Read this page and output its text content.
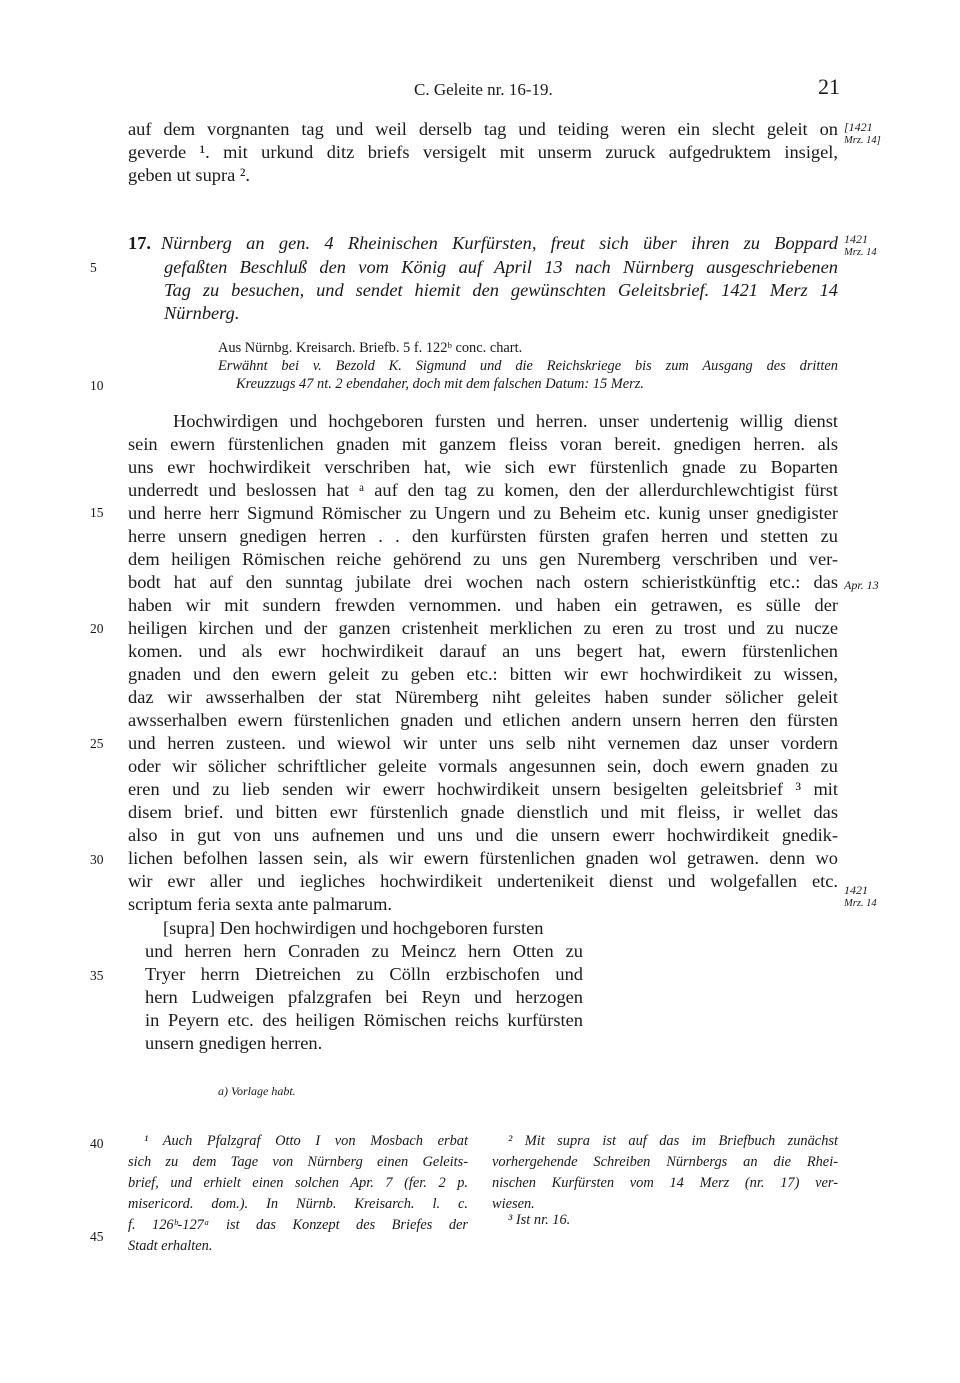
C. Geleite nr. 16-19.	21
auf dem vorgnanten tag und weil derselb tag und teiding weren ein slecht geleit on
geverde ¹. mit urkund ditz briefs versigelt mit unserm zuruck aufgedruktem insigel,
geben ut supra ².
[1421
Mrz. 14]
17. Nürnberg an gen. 4 Rheinischen Kurfürsten, freut sich über ihren zu Boppard
gefaßten Beschluß den vom König auf April 13 nach Nürnberg ausgeschriebenen
Tag zu besuchen, und sendet hiemit den gewünschten Geleitsbrief. 1421 Merz 14
Nürnberg.
1421
Mrz. 14
Aus Nürnbg. Kreisarch. Briefb. 5 f. 122ᵇ conc. chart.
Erwähnt bei v. Bezold K. Sigmund und die Reichskriege bis zum Ausgang des dritten
Kreuzzugs 47 nt. 2 ebendaher, doch mit dem falschen Datum: 15 Merz.
5
10
15
20
25
30
35
40
45
Hochwirdigen und hochgeboren fursten und herren. unser undertenig willig dienst
sein ewern fürstenlichen gnaden mit ganzem fleiss voran bereit. gnedigen herren. als
uns ewr hochwirdikeit verschriben hat, wie sich ewr fürstenlich gnade zu Boparten
underredt und beslossen hat ᵃ auf den tag zu komen, den der allerdurchlewchtigist fürst
und herre herr Sigmund Römischer zu Ungern und zu Beheim etc. kunig unser gnedigister
herre unsern gnedigen herren . . den kurfürsten fürsten grafen herren und stetten zu
dem heiligen Römischen reiche gehörend zu uns gen Nuremberg verschriben und ver-
bodt hat auf den sunntag jubilate drei wochen nach ostern schieristkünftig etc.: das
haben wir mit sundern frewden vernommen. und haben ein getrawen, es sülle der
heiligen kirchen und der ganzen cristenheit merklichen zu eren zu trost und zu nucze
komen. und als ewr hochwirdikeit darauf an uns begert hat, ewern fürstenlichen
gnaden und den ewern geleit zu geben etc.: bitten wir ewr hochwirdikeit zu wissen,
daz wir awsserhalben der stat Nüremberg niht geleites haben sunder sölicher geleit
awsserhalben ewern fürstenlichen gnaden und etlichen andern unsern herren den fürsten
und herren zusteen. und wiewol wir unter uns selb niht vernemen daz unser vordern
oder wir sölicher schriftlicher geleite vormals angesunnen sein, doch ewern gnaden zu
eren und zu lieb senden wir ewerr hochwirdikeit unsern besigelten geleitsbrief ³ mit
disem brief. und bitten ewr fürstenlich gnade dienstlich und mit fleiss, ir wellet das
also in gut von uns aufnemen und uns und die unsern ewerr hochwirdikeit gnedik-
lichen befolhen lassen sein, als wir ewern fürstenlichen gnaden wol getrawen. denn wo
wir ewr aller und iegliches hochwirdikeit undertenikeit dienst und wolgefallen etc.
scriptum feria sexta ante palmarum.
Apr. 13
1421
Mrz. 14
[supra] Den hochwirdigen und hochgeboren fursten
und herren hern Conraden zu Meincz hern Otten zu
Tryer herrn Dietreichen zu Cölln erzbischofen und
hern Ludweigen pfalzgrafen bei Reyn und herzogen
in Peyern etc. des heiligen Römischen reichs kurfürsten
unsern gnedigen herren.
a) Vorlage habt.
¹ Auch Pfalzgraf Otto I von Mosbach erbat
sich zu dem Tage von Nürnberg einen Geleits-
brief, und erhielt einen solchen Apr. 7 (fer. 2 p.
misericord. dom.). In Nürnb. Kreisarch. l. c.
f. 126ᵇ-127ᵃ ist das Konzept des Briefes der
Stadt erhalten.
² Mit supra ist auf das im Briefbuch zunächst
vorhergehende Schreiben Nürnbergs an die Rhei-
nischen Kurfürsten vom 14 Merz (nr. 17) ver-
wiesen.
³ Ist nr. 16.
